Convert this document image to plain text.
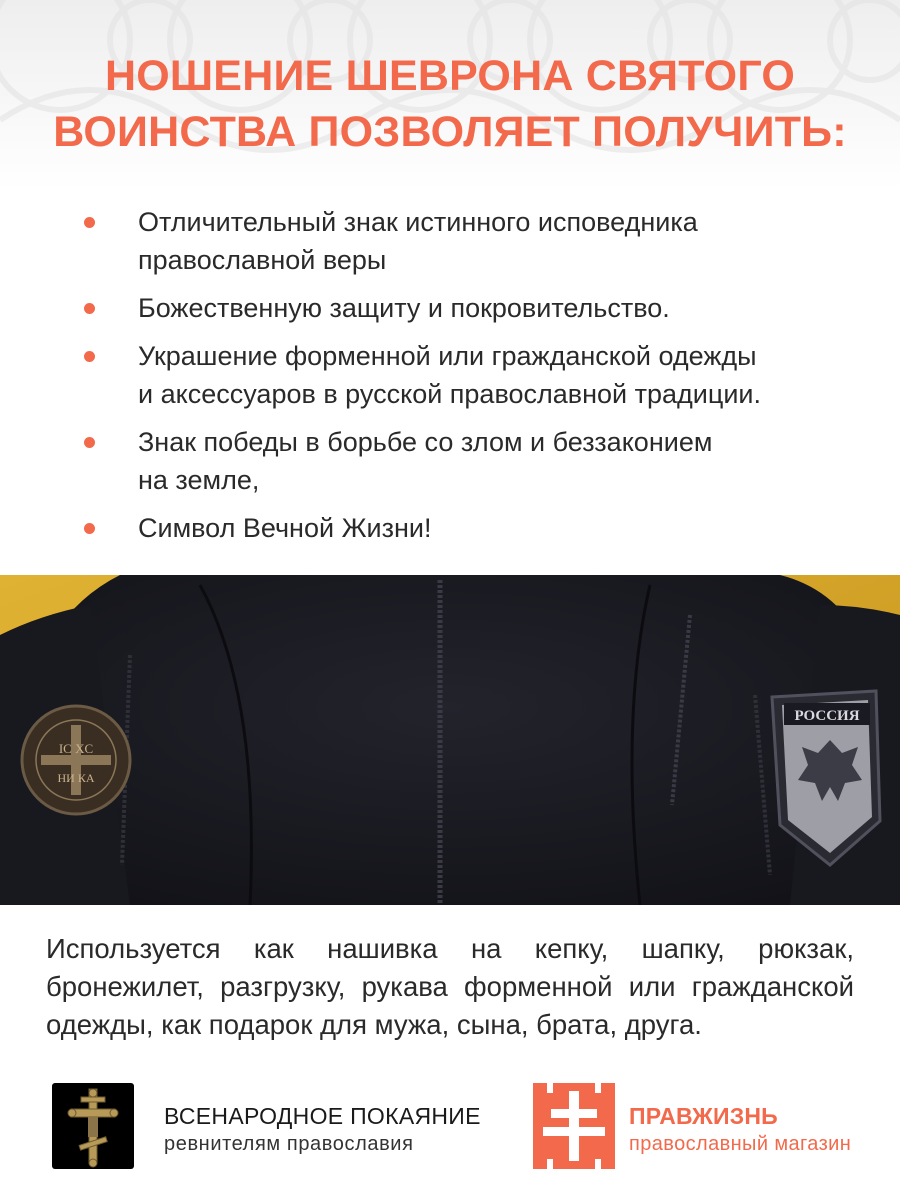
НОШЕНИЕ ШЕВРОНА СВЯТОГО
ВОИНСТВА ПОЗВОЛЯЕТ ПОЛУЧИТЬ:
Отличительный знак истинного исповедника
православной веры
Божественную защиту и покровительство.
Украшение форменной или гражданской одежды
и аксессуаров в русской православной традиции.
Знак победы в борьбе со злом и беззаконием
на земле,
Символ Вечной Жизни!
IC XC
НИ КА
РОССИЯ

Используется как нашивка на кепку, шапку, рюкзак, бронежилет, разгрузку, рукава форменной или гражданской одежды, как подарок для мужа, сына, брата, друга.

ВСЕНАРОДНОЕ ПОКАЯНИЕ
ревнителям православия
ПРАВЖИЗНЬ
православный магазин
